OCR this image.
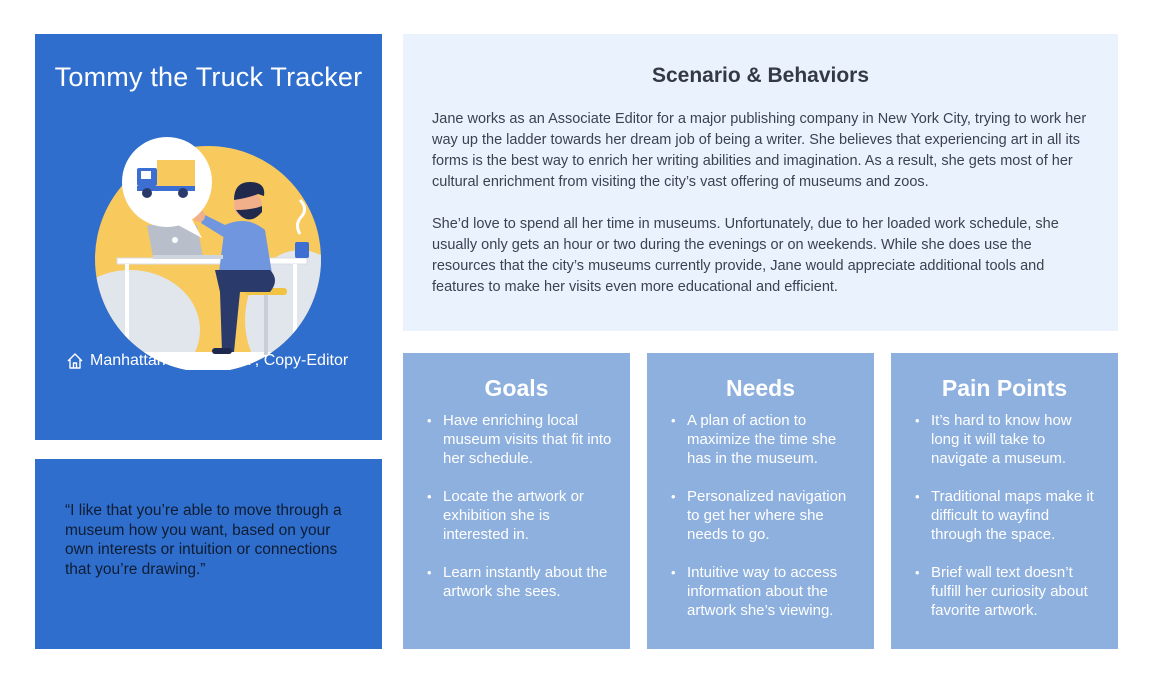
Tommy the Truck Tracker
Manhattan	27, Copy-Editor
“I like that you’re able to move through a museum how you want, based on your own interests or intuition or connections that you’re drawing.”
Scenario & Behaviors

Jane works as an Associate Editor for a major publishing company in New York City, trying to work her way up the ladder towards her dream job of being a writer. She believes that experiencing art in all its forms is the best way to enrich her writing abilities and imagination. As a result, she gets most of her cultural enrichment from visiting the city’s vast offering of museums and zoos.

She’d love to spend all her time in museums. Unfortunately, due to her loaded work schedule, she usually only gets an hour or two during the evenings or on weekends. While she does use the resources that the city’s museums currently provide, Jane would appreciate additional tools and features to make her visits even more educational and efficient.

Goals
• Have enriching local museum visits that fit into her schedule.
• Locate the artwork or exhibition she is interested in.
• Learn instantly about the artwork she sees.
Needs
• A plan of action to maximize the time she has in the museum.
• Personalized navigation to get her where she needs to go.
• Intuitive way to access information about the artwork she’s viewing.
Pain Points
• It’s hard to know how long it will take to navigate a museum.
• Traditional maps make it difficult to wayfind through the space.
• Brief wall text doesn’t fulfill her curiosity about favorite artwork.
